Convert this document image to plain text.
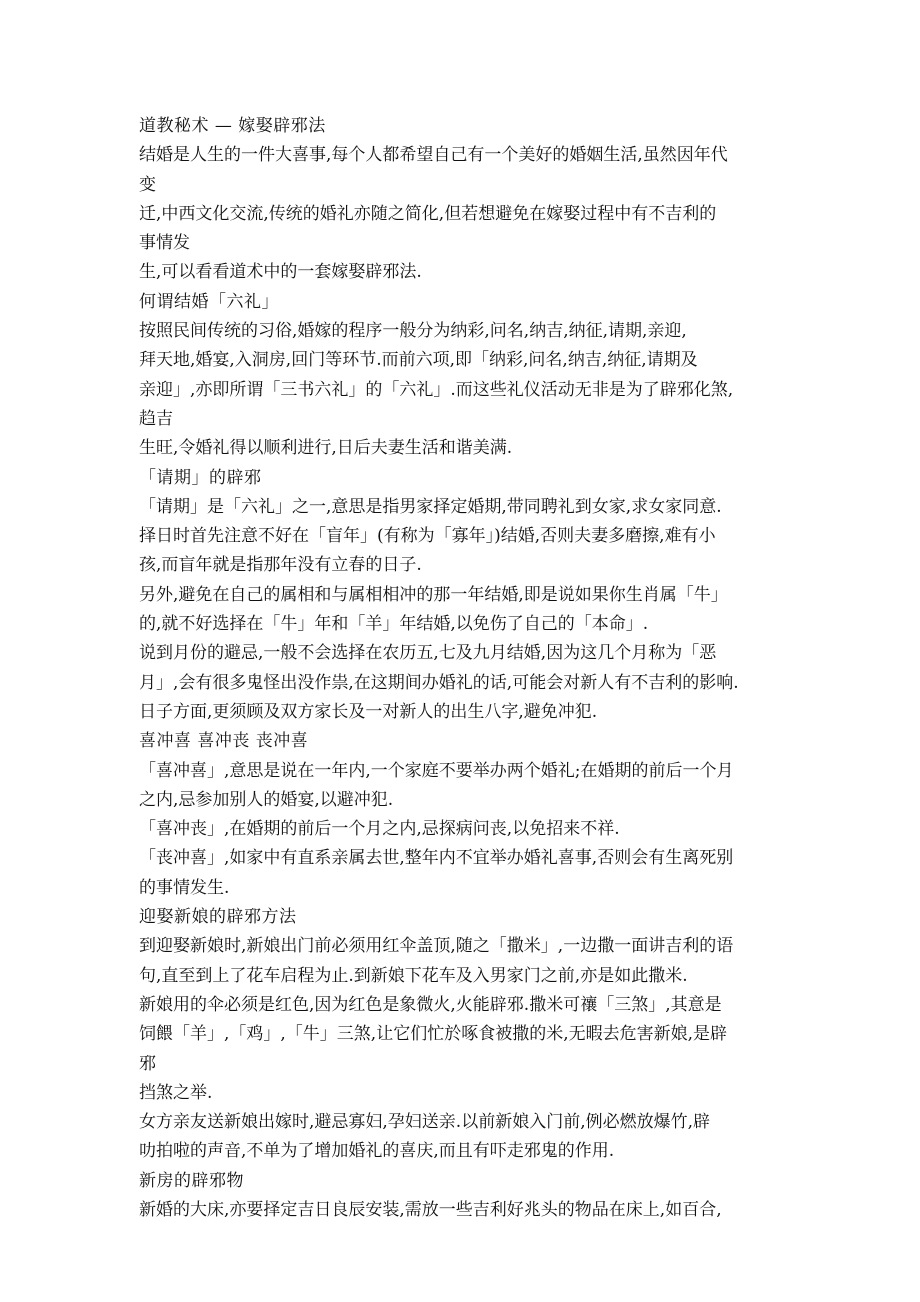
道教秘术 — 嫁娶辟邪法

结婚是人生的一件大喜事,每个人都希望自己有一个美好的婚姻生活,虽然因年代

变

迁,中西文化交流,传统的婚礼亦随之简化,但若想避免在嫁娶过程中有不吉利的

事情发

生,可以看看道术中的一套嫁娶辟邪法.

何谓结婚「六礼」

按照民间传统的习俗,婚嫁的程序一般分为纳彩,问名,纳吉,纳征,请期,亲迎,

拜天地,婚宴,入洞房,回门等环节.而前六项,即「纳彩,问名,纳吉,纳征,请期及

亲迎」,亦即所谓「三书六礼」的「六礼」.而这些礼仪活动无非是为了辟邪化煞,

趋吉

生旺,令婚礼得以顺利进行,日后夫妻生活和谐美满.

「请期」的辟邪

「请期」是「六礼」之一,意思是指男家择定婚期,带同聘礼到女家,求女家同意.

择日时首先注意不好在「盲年」(有称为「寡年」)结婚,否则夫妻多磨擦,难有小

孩,而盲年就是指那年没有立春的日子.

另外,避免在自己的属相和与属相相冲的那一年结婚,即是说如果你生肖属「牛」

的,就不好选择在「牛」年和「羊」年结婚,以免伤了自己的「本命」.

说到月份的避忌,一般不会选择在农历五,七及九月结婚,因为这几个月称为「恶

月」,会有很多鬼怪出没作祟,在这期间办婚礼的话,可能会对新人有不吉利的影响.

日子方面,更须顾及双方家长及一对新人的出生八字,避免冲犯.

喜冲喜 喜冲丧 丧冲喜

「喜冲喜」,意思是说在一年内,一个家庭不要举办两个婚礼;在婚期的前后一个月

之内,忌参加别人的婚宴,以避冲犯.

「喜冲丧」,在婚期的前后一个月之内,忌探病问丧,以免招来不祥.

「丧冲喜」,如家中有直系亲属去世,整年内不宜举办婚礼喜事,否则会有生离死别

的事情发生.

迎娶新娘的辟邪方法

到迎娶新娘时,新娘出门前必须用红伞盖顶,随之「撒米」,一边撒一面讲吉利的语

句,直至到上了花车启程为止.到新娘下花车及入男家门之前,亦是如此撒米.

新娘用的伞必须是红色,因为红色是象微火,火能辟邪.撒米可禳「三煞」,其意是

饲餵「羊」,「鸡」,「牛」三煞,让它们忙於啄食被撒的米,无暇去危害新娘,是辟

邪

挡煞之举.

女方亲友送新娘出嫁时,避忌寡妇,孕妇送亲.以前新娘入门前,例必燃放爆竹,辟

叻拍啦的声音,不单为了增加婚礼的喜庆,而且有吓走邪鬼的作用.

新房的辟邪物

新婚的大床,亦要择定吉日良辰安装,需放一些吉利好兆头的物品在床上,如百合,
